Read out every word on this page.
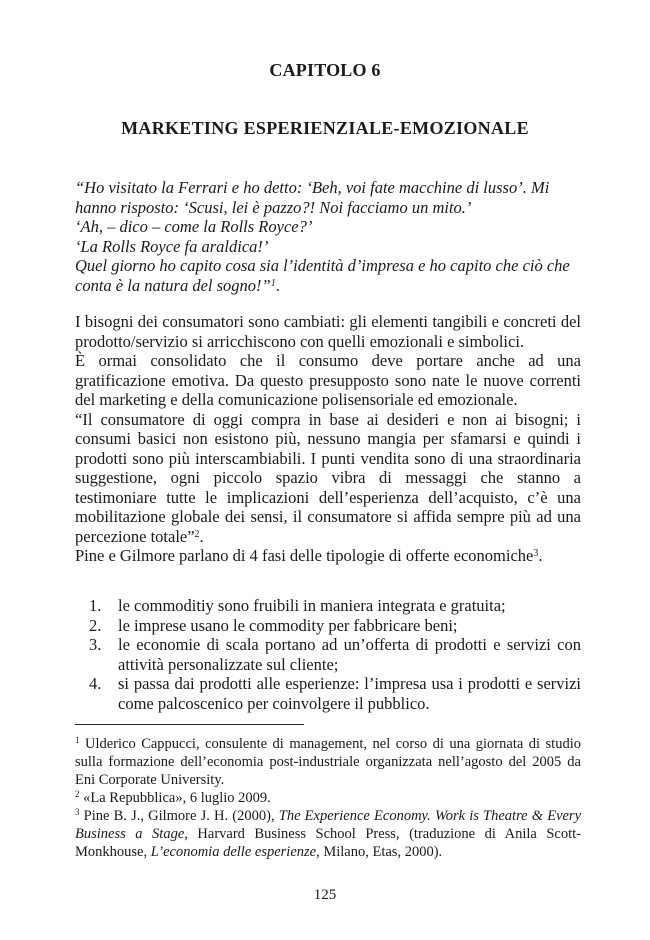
CAPITOLO 6
MARKETING ESPERIENZIALE-EMOZIONALE

“Ho visitato la Ferrari e ho detto: ‘Beh, voi fate macchine di lusso’. Mi hanno risposto: ‘Scusi, lei è pazzo?! Noi facciamo un mito.’

‘Ah, – dico – come la Rolls Royce?’

‘La Rolls Royce fa araldica!’

Quel giorno ho capito cosa sia l’identità d’impresa e ho capito che ciò che conta è la natura del sogno!”$^1$.

I bisogni dei consumatori sono cambiati: gli elementi tangibili e concreti del prodotto/servizio si arricchiscono con quelli emozionali e simbolici.

È ormai consolidato che il consumo deve portare anche ad una gratificazione emotiva. Da questo presupposto sono nate le nuove correnti del marketing e della comunicazione polisensoriale ed emozionale.

“Il consumatore di oggi compra in base ai desideri e non ai bisogni; i consumi basici non esistono più, nessuno mangia per sfamarsi e quindi i prodotti sono più interscambiabili. I punti vendita sono di una straordinaria suggestione, ogni piccolo spazio vibra di messaggi che stanno a testimoniare tutte le implicazioni dell’esperienza dell’acquisto, c’è una mobilitazione globale dei sensi, il consumatore si affida sempre più ad una percezione totale”$^2$.

Pine e Gilmore parlano di 4 fasi delle tipologie di offerte economiche$^3$.

1. le commoditiy sono fruibili in maniera integrata e gratuita;
2. le imprese usano le commodity per fabbricare beni;
3. le economie di scala portano ad un’offerta di prodotti e servizi con attività personalizzate sul cliente;
4. si passa dai prodotti alle esperienze: l’impresa usa i prodotti e servizi come palcoscenico per coinvolgere il pubblico.

$^1$ Ulderico Cappucci, consulente di management, nel corso di una giornata di studio sulla formazione dell’economia post-industriale organizzata nell’agosto del 2005 da Eni Corporate University.

$^2$ «La Repubblica», 6 luglio 2009.

$^3$ Pine B. J., Gilmore J. H. (2000), The Experience Economy. Work is Theatre & Every Business a Stage, Harvard Business School Press, (traduzione di Anila Scott-Monkhouse, L’economia delle esperienze, Milano, Etas, 2000).

125
